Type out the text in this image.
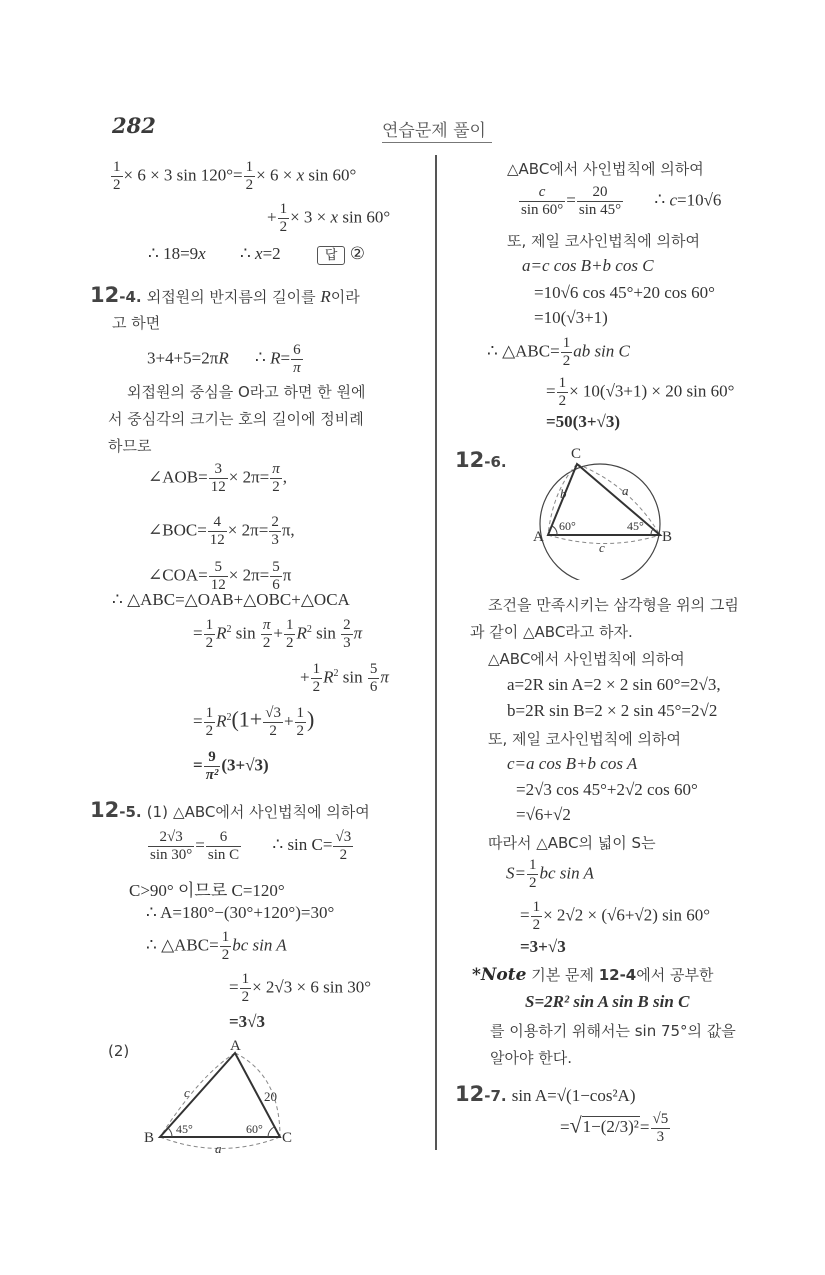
282	연습문제 풀이
$\frac{1}{2} \times 6 \times 3$ $\sin 120^\circ= \frac{1}{2} \times 6 \times x$ sin 60°
+ $\frac{1}{2} \times 3 \times x$ sin 60°
∴ 18=9x ∴ x=2	답 ②
12-4. 외접원의 반지름의 길이를 R이라
고 하면
3+4+5=2πR ∴ $R= \frac{6}{\pi}$
외접원의 중심을 O라고 하면 한 원에
서 중심각의 크기는 호의 길이에 정비례
하므로
∠AOB= $\frac{3}{12} \times 2\pi= \frac{\pi}{2}$ ,
∠BOC= $\frac{4}{12} \times 2\pi= \frac{2}{3} \pi$,
∠COA= $\frac{5}{12} \times 2\pi= \frac{5}{6}$ π
∴ △ABC=△OAB+△OBC+△OCA
= $\frac{1}{2} R^2$ $\sin \frac{\pi}{2} + \frac{1}{2} R^2$ $\sin \frac{2}{3}$ π
+ $\frac{1}{2} R^2$ $\sin \frac{5}{6}$ π
= $\frac{1}{2} R^2(1+ \frac{√3}{2} + \frac{1}{2}$ )
= $\frac{9}{\text{π²}} (3+√3)$
12-5. (1) △ABC에서 사인법칙에 의하여
$\frac{2√3}{\sin 30^\circ} = \frac{6}{\text{sin C}}$ ∴ $\sin C= \frac{√3}{2}$
C>90° 이므로 C=120°
∴ A=180°−(30°+120°)=30°
∴ △ABC= $\frac{1}{2}$ bc sin A
= $\frac{1}{2} \times 2√3 \times 6$ sin 30°
=3√3
(2)	A
B	C
c	20
a
45°	60°
△ABC에서 사인법칙에 의하여
$\frac{c}{\sin 60^\circ} = \frac{20}{\sin 45^\circ}$ ∴ c=10√6
또, 제일 코사인법칙에 의하여
a=c cos B+b cos C
=10√6 cos 45°+20 cos 60°
=10(√3+1)
∴ △ABC= $\frac{1}{2}$ ab sin C
= $\frac{1}{2} \times 10(√3+1) \times 20$ sin 60°
=50(3+√3)
12-6.	C
A	B
b	a
c
60°	45°
조건을 만족시키는 삼각형을 위의 그림
과 같이 △ABC라고 하자.
△ABC에서 사인법칙에 의하여
a=2R sin A=2 × 2 sin 60°=2√3,
b=2R sin B=2 × 2 sin 45°=2√2
또, 제일 코사인법칙에 의하여
c=a cos B+b cos A
=2√3 cos 45°+2√2 cos 60°
=√6+√2
따라서 △ABC의 넓이 S는
$S= \frac{1}{2}$ bc sin A
= $\frac{1}{2} \times 2√2 \times (√6+√2)$ sin 60°
=3+√3
*Note 기본 문제 12-4에서 공부한
S=2R² sin A sin B sin C
를 이용하기 위해서는 sin 75°의 값을
알아야 한다.
12-7. sin A=√(1−cos²A)
$=√1-(2/3)^2= \frac{√5}{3}$
